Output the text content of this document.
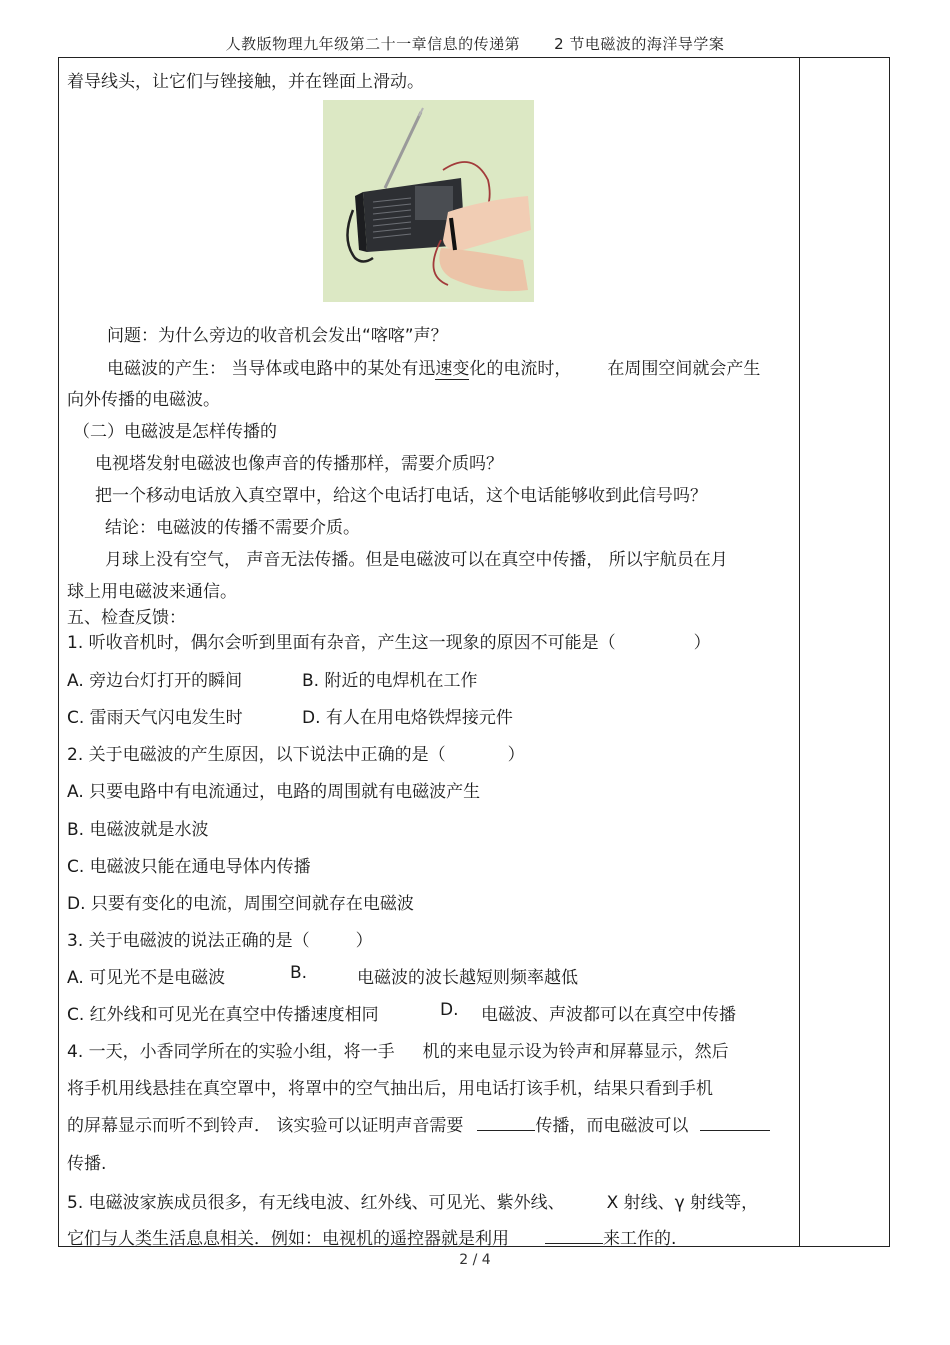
人教版物理九年级第二十一章信息的传递第 2 节电磁波的海洋导学案
着导线头，让它们与锉接触，并在锉面上滑动。
问题：为什么旁边的收音机会发出“喀喀”声？
电磁波的产生： 当导体或电路中的某处有迅速变化的电流时， 在周围空间就会产生
向外传播的电磁波。
（二）电磁波是怎样传播的
电视塔发射电磁波也像声音的传播那样，需要介质吗？
把一个移动电话放入真空罩中，给这个电话打电话，这个电话能够收到此信号吗？
结论：电磁波的传播不需要介质。
月球上没有空气， 声音无法传播。但是电磁波可以在真空中传播， 所以宇航员在月
球上用电磁波来通信。
五、检查反馈：
1. 听收音机时，偶尔会听到里面有杂音，产生这一现象的原因不可能是（	）
A. 旁边台灯打开的瞬间	B. 附近的电焊机在工作
C. 雷雨天气闪电发生时	D. 有人在用电烙铁焊接元件
2. 关于电磁波的产生原因，以下说法中正确的是（	）
A. 只要电路中有电流通过，电路的周围就有电磁波产生
B. 电磁波就是水波
C. 电磁波只能在通电导体内传播
D. 只要有变化的电流，周围空间就存在电磁波
3. 关于电磁波的说法正确的是（	）
A. 可见光不是电磁波	B.	电磁波的波长越短则频率越低
C. 红外线和可见光在真空中传播速度相同	D. 电磁波、声波都可以在真空中传播
4. 一天，小香同学所在的实验小组，将一手 机的来电显示设为铃声和屏幕显示，然后
将手机用线悬挂在真空罩中，将罩中的空气抽出后，用电话打该手机，结果只看到手机
的屏幕显示而听不到铃声． 该实验可以证明声音需要	传播，而电磁波可以
传播.
5. 电磁波家族成员很多，有无线电波、红外线、可见光、紫外线、 X 射线、γ 射线等，
它们与人类生活息息相关．例如：电视机的遥控器就是利用	来工作的.
2 / 4
